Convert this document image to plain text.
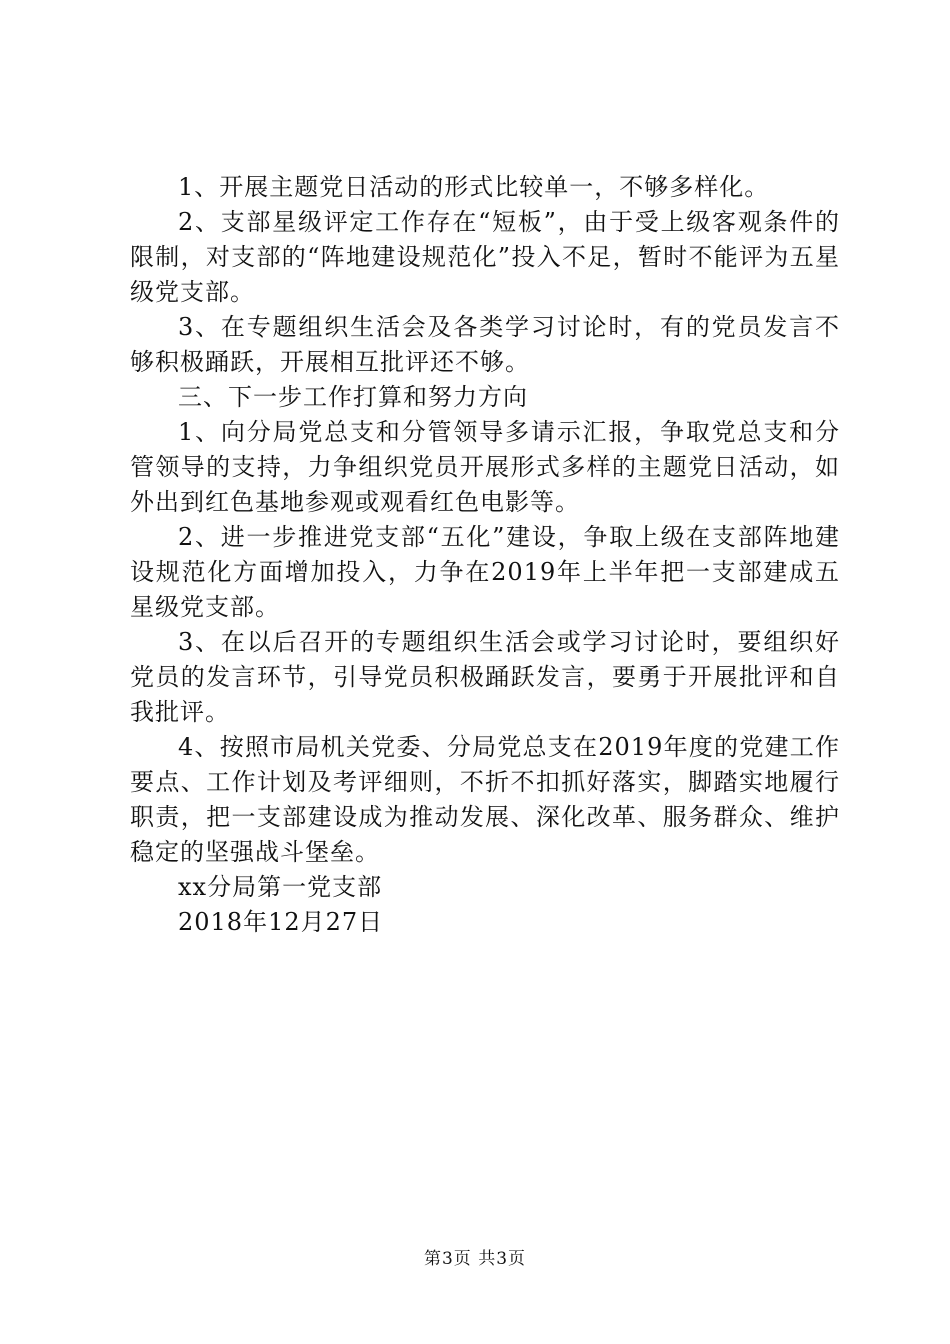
1、开展主题党日活动的形式比较单一，不够多样化。

2、支部星级评定工作存在“短板”，由于受上级客观条件的限制，对支部的“阵地建设规范化”投入不足，暂时不能评为五星级党支部。

3、在专题组织生活会及各类学习讨论时，有的党员发言不够积极踊跃，开展相互批评还不够。

三、下一步工作打算和努力方向

1、向分局党总支和分管领导多请示汇报，争取党总支和分管领导的支持，力争组织党员开展形式多样的主题党日活动，如外出到红色基地参观或观看红色电影等。

2、进一步推进党支部“五化”建设，争取上级在支部阵地建设规范化方面增加投入，力争在2019年上半年把一支部建成五星级党支部。

3、在以后召开的专题组织生活会或学习讨论时，要组织好党员的发言环节，引导党员积极踊跃发言，要勇于开展批评和自我批评。

4、按照市局机关党委、分局党总支在2019年度的党建工作要点、工作计划及考评细则，不折不扣抓好落实，脚踏实地履行职责，把一支部建设成为推动发展、深化改革、服务群众、维护稳定的坚强战斗堡垒。

xx分局第一党支部

2018年12月27日

第3页 共3页
